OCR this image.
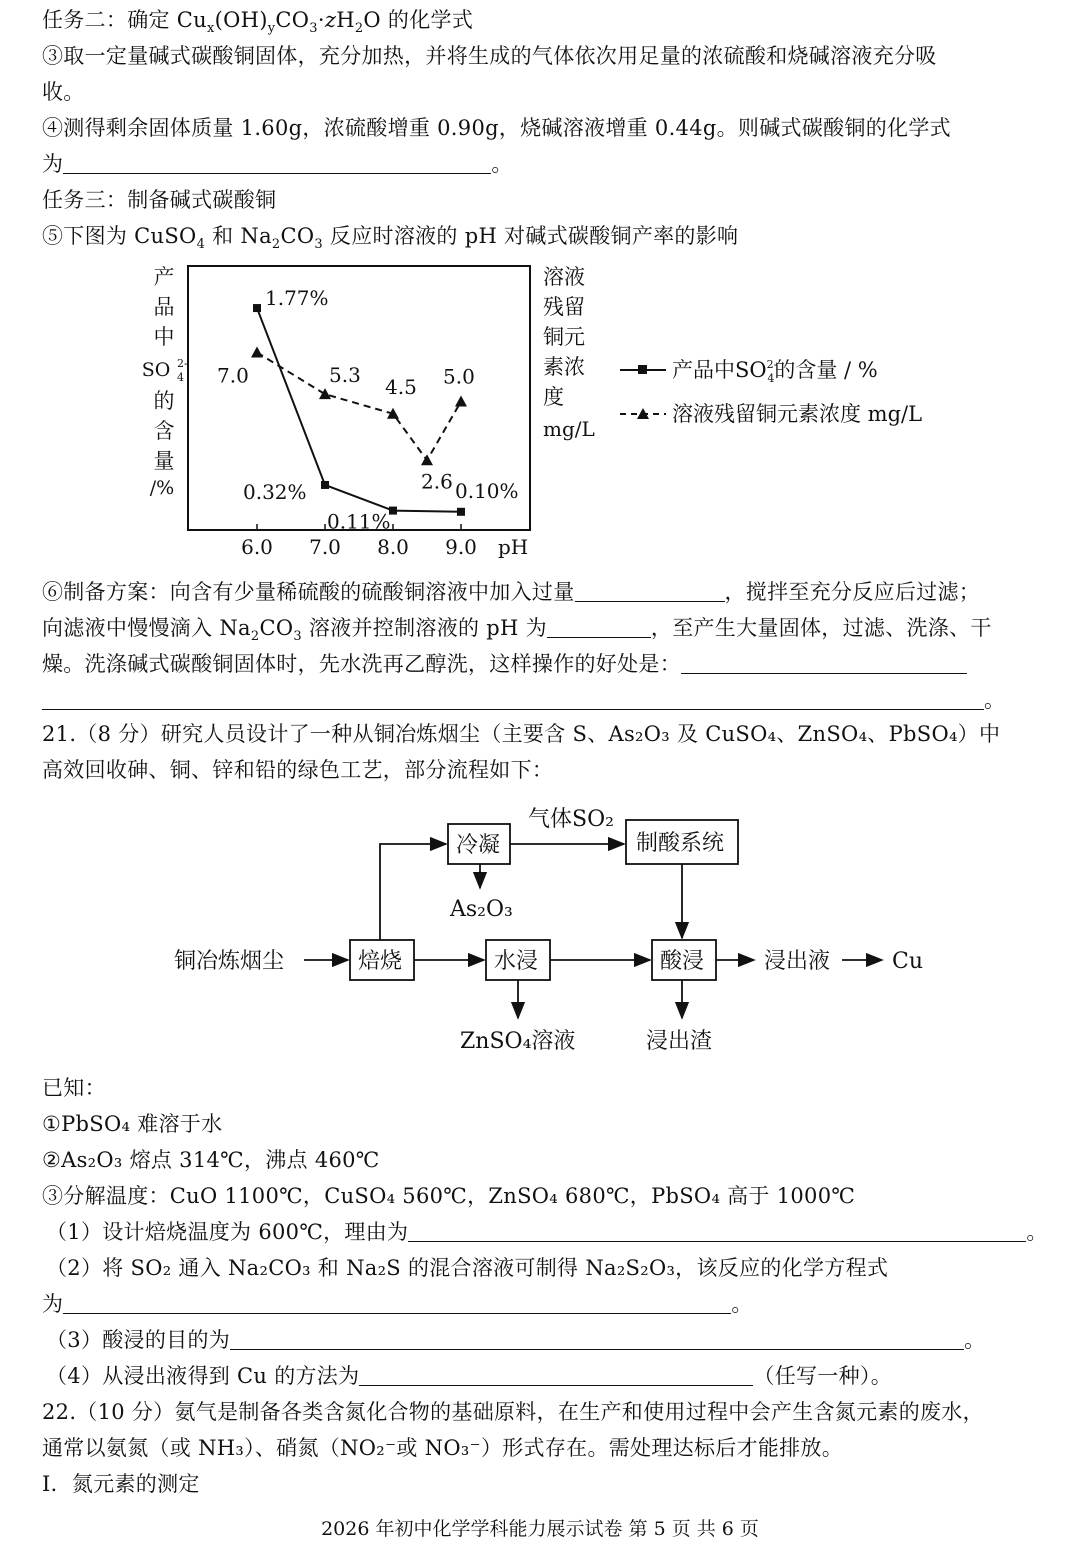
任务二：确定 $Cu_x(OH)_yCO_3\cdot zH_2O$ 的化学式
③取一定量碱式碳酸铜固体，充分加热，并将生成的气体依次用足量的浓硫酸和烧碱溶液充分吸
收。
④测得剩余固体质量 1.60g，浓硫酸增重 0.90g，烧碱溶液增重 0.44g。则碱式碳酸铜的化学式
为	。
任务三：制备碱式碳酸铜
⑤下图为 CuSO$_4$ 和 $Na_2CO_3$ 反应时溶液的 pH 对碱式碳酸铜产率的影响
产
品
中
SO 2-
4
的
含
量
/%
6.0 7.0 8.0 9.0 pH
1.77%
0.32%
0.11%
0.10%
7.0	5.3 4.5
2.6
5.0
溶液
残留
铜元
素浓
度
mg/L
产品中$SO^{2-}4$的含量 / %
溶液残留铜元素浓度 mg/L
⑥制备方案：向含有少量稀硫酸的硫酸铜溶液中加入过量	，搅拌至充分反应后过滤；
向滤液中慢慢滴入 $Na_2CO_3$ 溶液并控制溶液的 pH 为	，至产生大量固体，过滤、洗涤、干
燥。洗涤碱式碳酸铜固体时，先水洗再乙醇洗，这样操作的好处是：
。
21.（8 分）研究人员设计了一种从铜冶炼烟尘（主要含 S、As₂O₃ 及 CuSO₄、ZnSO₄、PbSO₄）中
高效回收砷、铜、锌和铅的绿色工艺，部分流程如下：
铜冶炼烟尘	焙烧
冷凝
气体SO₂
制酸系统
As₂O₃
水浸	酸浸	浸出液	Cu
ZnSO₄溶液	浸出渣
已知：
①PbSO₄ 难溶于水
②As₂O₃ 熔点 314℃，沸点 460℃
③分解温度：CuO 1100℃，CuSO₄ 560℃，ZnSO₄ 680℃，PbSO₄ 高于 1000℃
（1）设计焙烧温度为 600℃，理由为	。
（2）将 SO₂ 通入 Na₂CO₃ 和 Na₂S 的混合溶液可制得 Na₂S₂O₃，该反应的化学方程式
为	。
（3）酸浸的目的为	。
（4）从浸出液得到 Cu 的方法为	（任写一种）。
22.（10 分）氨气是制备各类含氮化合物的基础原料，在生产和使用过程中会产生含氮元素的废水，
通常以氨氮（或 NH₃）、硝氮（NO₂⁻或 NO₃⁻）形式存在。需处理达标后才能排放。
I．氮元素的测定
2026 年初中化学学科能力展示试卷 第 5 页 共 6 页
